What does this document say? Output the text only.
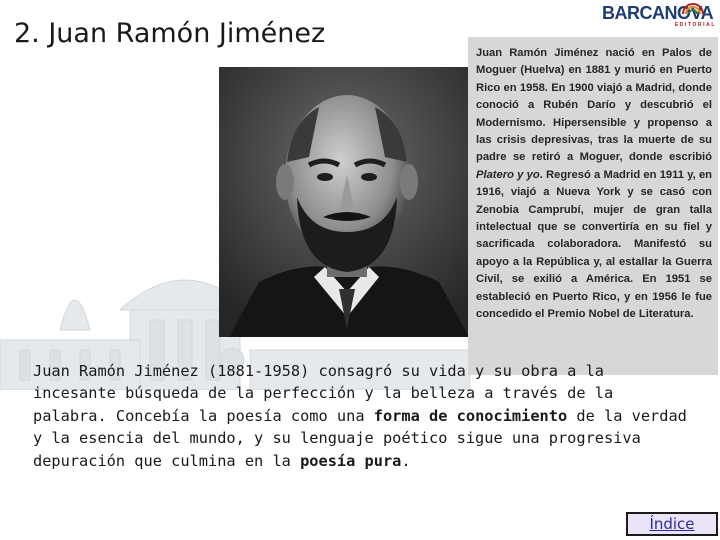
2. Juan Ramón Jiménez
BARCANOVA
EDITORIAL

Juan Ramón Jiménez nació en Palos de Moguer (Huelva) en 1881 y murió en Puerto Rico en 1958. En 1900 viajó a Madrid, donde conoció a Rubén Darío y descubrió el Modernismo. Hipersensible y propenso a las crisis depresivas, tras la muerte de su padre se retiró a Moguer, donde escribió Platero y yo. Regresó a Madrid en 1911 y, en 1916, viajó a Nueva York y se casó con Zenobia Camprubí, mujer de gran talla intelectual que se convertiría en su fiel y sacrificada colaboradora. Manifestó su apoyo a la República y, al estallar la Guerra Civil, se exilió a América. En 1951 se estableció en Puerto Rico, y en 1956 le fue concedido el Premio Nobel de Literatura.

Juan Ramón Jiménez (1881-1958) consagró su vida y su obra a la incesante búsqueda de la perfección y la belleza a través de la palabra. Concebía la poesía como una forma de conocimiento de la verdad y la esencia del mundo, y su lenguaje poético sigue una progresiva depuración que culmina en la poesía pura.

Índice
